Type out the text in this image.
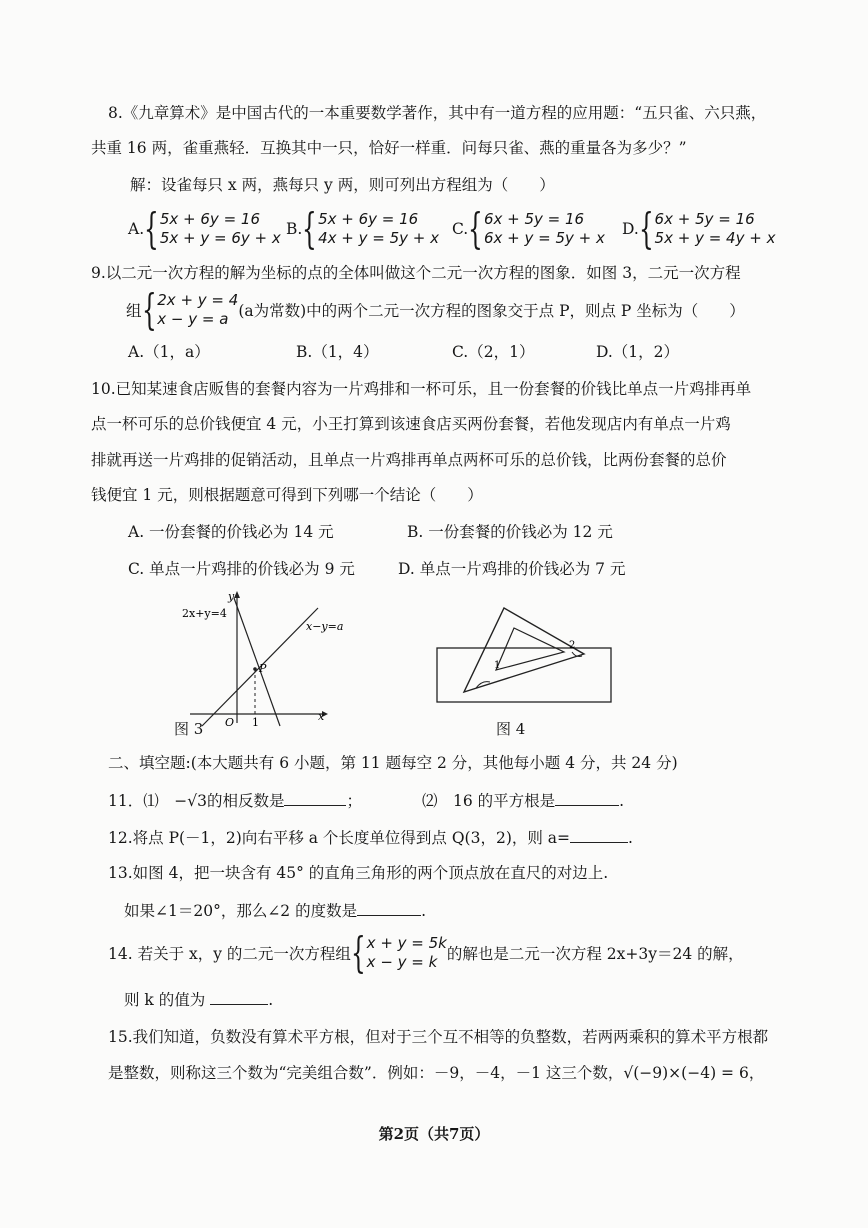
8.《九章算术》是中国古代的一本重要数学著作，其中有一道方程的应用题：“五只雀、六只燕，
共重 16 两，雀重燕轻．互换其中一只，恰好一样重．问每只雀、燕的重量各为多少？”
解：设雀每只 x 两，燕每只 y 两，则可列出方程组为（　　）
A. { 5x + 6y = 16
5x + y = 6y + x B. { 5x + 6y = 16
4x + y = 5y + x C. { 6x + 5y = 16
6x + y = 5y + x D. { 6x + 5y = 16
5x + y = 4y + x
9.以二元一次方程的解为坐标的点的全体叫做这个二元一次方程的图象．如图 3，二元一次方程
组 { 2x + y = 4
x − y = a (a为常数)中的两个二元一次方程的图象交于点 P，则点 P 坐标为（　　）
A.（1，a）	B.（1，4）	C.（2，1）	D.（1，2）
10.已知某速食店贩售的套餐内容为一片鸡排和一杯可乐，且一份套餐的价钱比单点一片鸡排再单
点一杯可乐的总价钱便宜 4 元，小王打算到该速食店买两份套餐，若他发现店内有单点一片鸡
排就再送一片鸡排的促销活动，且单点一片鸡排再单点两杯可乐的总价钱，比两份套餐的总价
钱便宜 1 元，则根据题意可得到下列哪一个结论（　　）
A. 一份套餐的价钱必为 14 元	B. 一份套餐的价钱必为 12 元
C. 单点一片鸡排的价钱必为 9 元	D. 单点一片鸡排的价钱必为 7 元
2x+y=4
x−y=a
y
x
O 1
P
图 3
1
2
图 4
二、填空题:(本大题共有 6 小题，第 11 题每空 2 分，其他每小题 4 分，共 24 分)
11．⑴　−√3的相反数是	；	⑵　16 的平方根是	.
12.将点 P(－1，2)向右平移 a 个长度单位得到点 Q(3，2)，则 a=	.
13.如图 4，把一块含有 45° 的直角三角形的两个顶点放在直尺的对边上.
如果∠1＝20°，那么∠2 的度数是	.
14. 若关于 x，y 的二元一次方程组 { x + y = 5k
x − y = k 的解也是二元一次方程 2x+3y＝24 的解，
则 k 的值为	.
15.我们知道，负数没有算术平方根，但对于三个互不相等的负整数，若两两乘积的算术平方根都
是整数，则称这三个数为“完美组合数”．例如：－9，－4，－1 这三个数，√(−9)×(−4) = 6，
第2页（共7页）
